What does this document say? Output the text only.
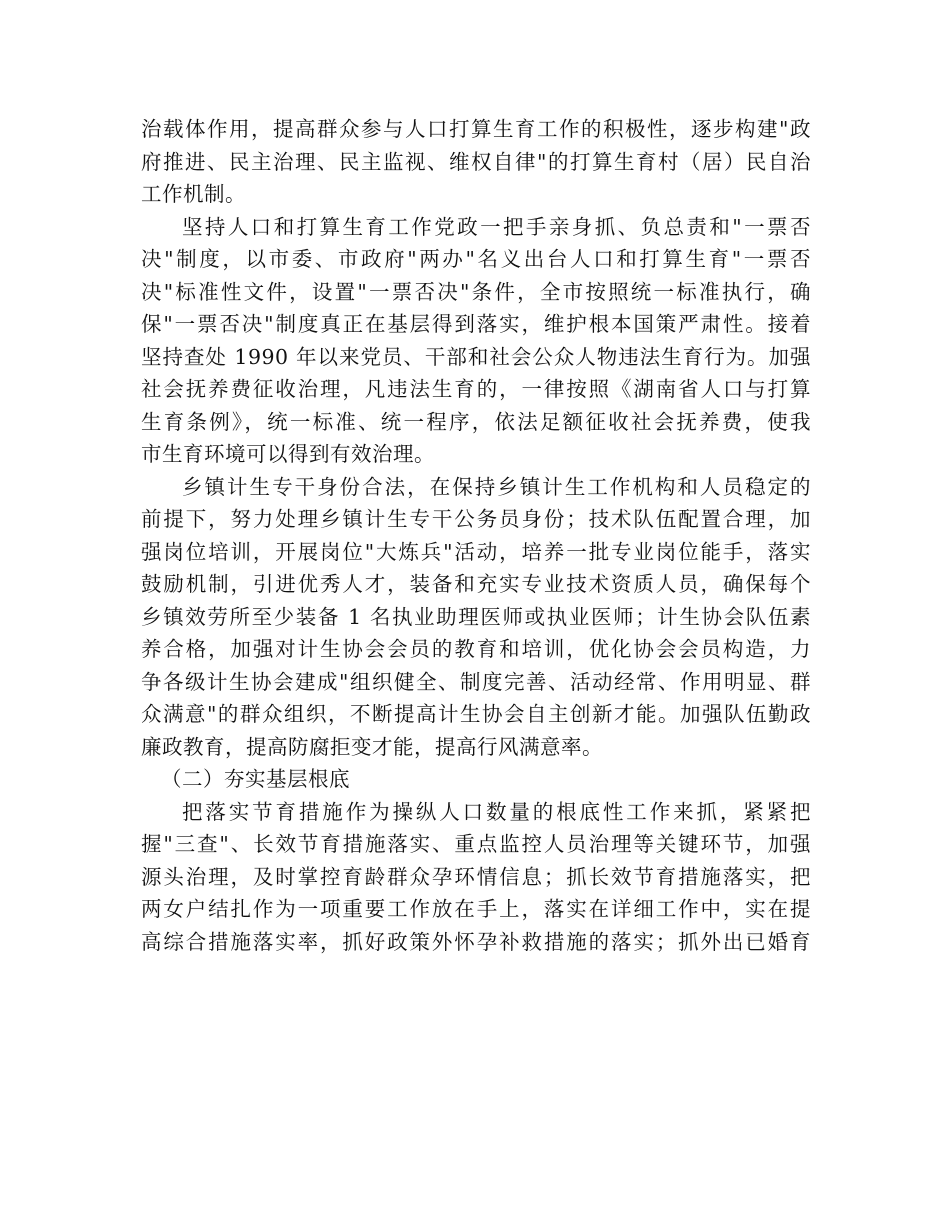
治载体作用，提高群众参与人口打算生育工作的积极性，逐步构建"政
府推进、民主治理、民主监视、维权自律"的打算生育村（居）民自治
工作机制。
坚持人口和打算生育工作党政一把手亲身抓、负总责和"一票否
决"制度，以市委、市政府"两办"名义出台人口和打算生育"一票否
决"标准性文件，设置"一票否决"条件，全市按照统一标准执行，确
保"一票否决"制度真正在基层得到落实，维护根本国策严肃性。接着
坚持查处 1990 年以来党员、干部和社会公众人物违法生育行为。加强
社会抚养费征收治理，凡违法生育的，一律按照《湖南省人口与打算
生育条例》，统一标准、统一程序，依法足额征收社会抚养费，使我
市生育环境可以得到有效治理。
乡镇计生专干身份合法，在保持乡镇计生工作机构和人员稳定的
前提下，努力处理乡镇计生专干公务员身份；技术队伍配置合理，加
强岗位培训，开展岗位"大炼兵"活动，培养一批专业岗位能手，落实
鼓励机制，引进优秀人才，装备和充实专业技术资质人员，确保每个
乡镇效劳所至少装备 1 名执业助理医师或执业医师；计生协会队伍素
养合格，加强对计生协会会员的教育和培训，优化协会会员构造，力
争各级计生协会建成"组织健全、制度完善、活动经常、作用明显、群
众满意"的群众组织，不断提高计生协会自主创新才能。加强队伍勤政
廉政教育，提高防腐拒变才能，提高行风满意率。
（二）夯实基层根底
把落实节育措施作为操纵人口数量的根底性工作来抓，紧紧把
握"三查"、长效节育措施落实、重点监控人员治理等关键环节，加强
源头治理，及时掌控育龄群众孕环情信息；抓长效节育措施落实，把
两女户结扎作为一项重要工作放在手上，落实在详细工作中，实在提
高综合措施落实率，抓好政策外怀孕补救措施的落实；抓外出已婚育
